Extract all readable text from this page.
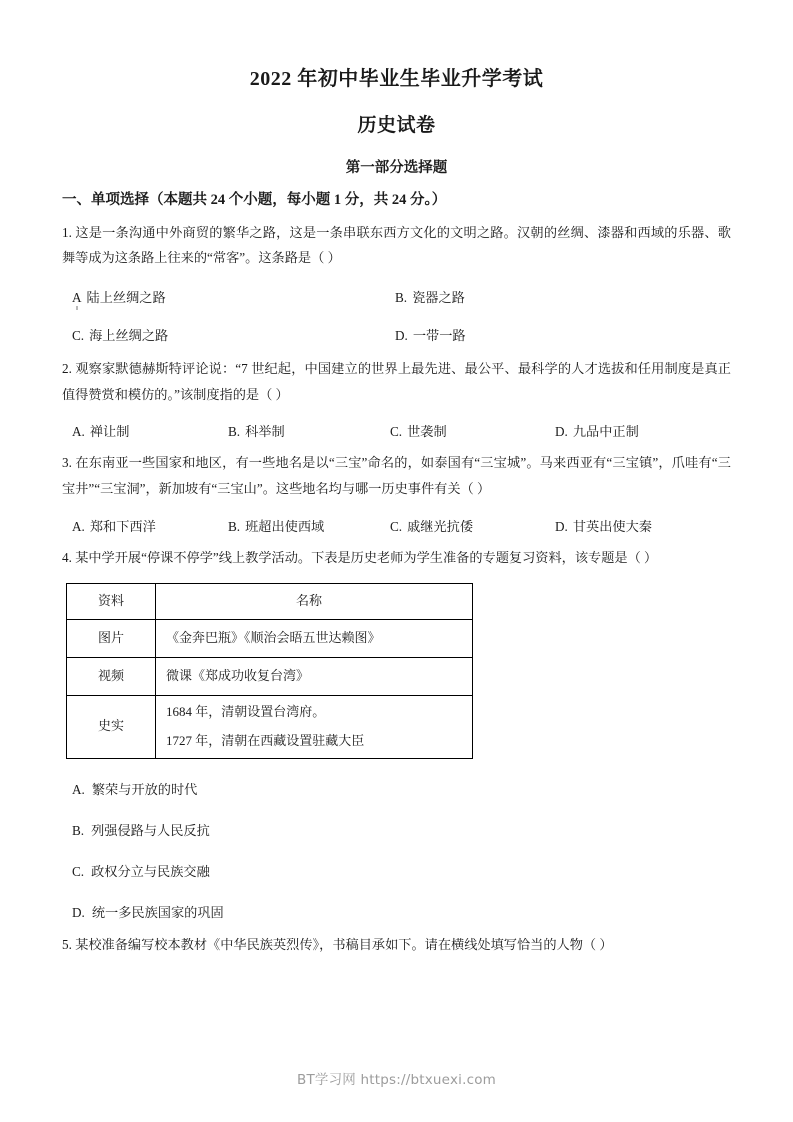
2022 年初中毕业生毕业升学考试
历史试卷
第一部分选择题
一、单项选择（本题共 24 个小题，每小题 1 分，共 24 分。）

1. 这是一条沟通中外商贸的繁华之路，这是一条串联东西方文化的文明之路。汉朝的丝绸、漆器和西域的乐器、歌舞等成为这条路上往来的“常客”。这条路是（ ）

A 陆上丝绸之路	B. 瓷器之路
C. 海上丝绸之路	D. 一带一路

2. 观察家默德赫斯特评论说：“7 世纪起，中国建立的世界上最先进、最公平、最科学的人才选拔和任用制度是真正值得赞赏和模仿的。”该制度指的是（ ）

A. 禅让制	B. 科举制	C. 世袭制	D. 九品中正制

3. 在东南亚一些国家和地区，有一些地名是以“三宝”命名的，如泰国有“三宝城”。马来西亚有“三宝镇”，爪哇有“三宝井”“三宝洞”，新加坡有“三宝山”。这些地名均与哪一历史事件有关（ ）

A. 郑和下西洋	B. 班超出使西域	C. 戚继光抗倭	D. 甘英出使大秦

4. 某中学开展“停课不停学”线上教学活动。下表是历史老师为学生准备的专题复习资料，该专题是（ ）

资料	名称
图片	《金奔巴瓶》《顺治会晤五世达赖图》
视频	微课《郑成功收复台湾》
史实	1684 年，清朝设置台湾府。
1727 年，清朝在西藏设置驻藏大臣
A. 繁荣与开放的时代
B. 列强侵路与人民反抗
C. 政权分立与民族交融
D. 统一多民族国家的巩固

5. 某校准备编写校本教材《中华民族英烈传》，书稿目承如下。请在横线处填写恰当的人物（ ）

BT学习网 https://btxuexi.com
